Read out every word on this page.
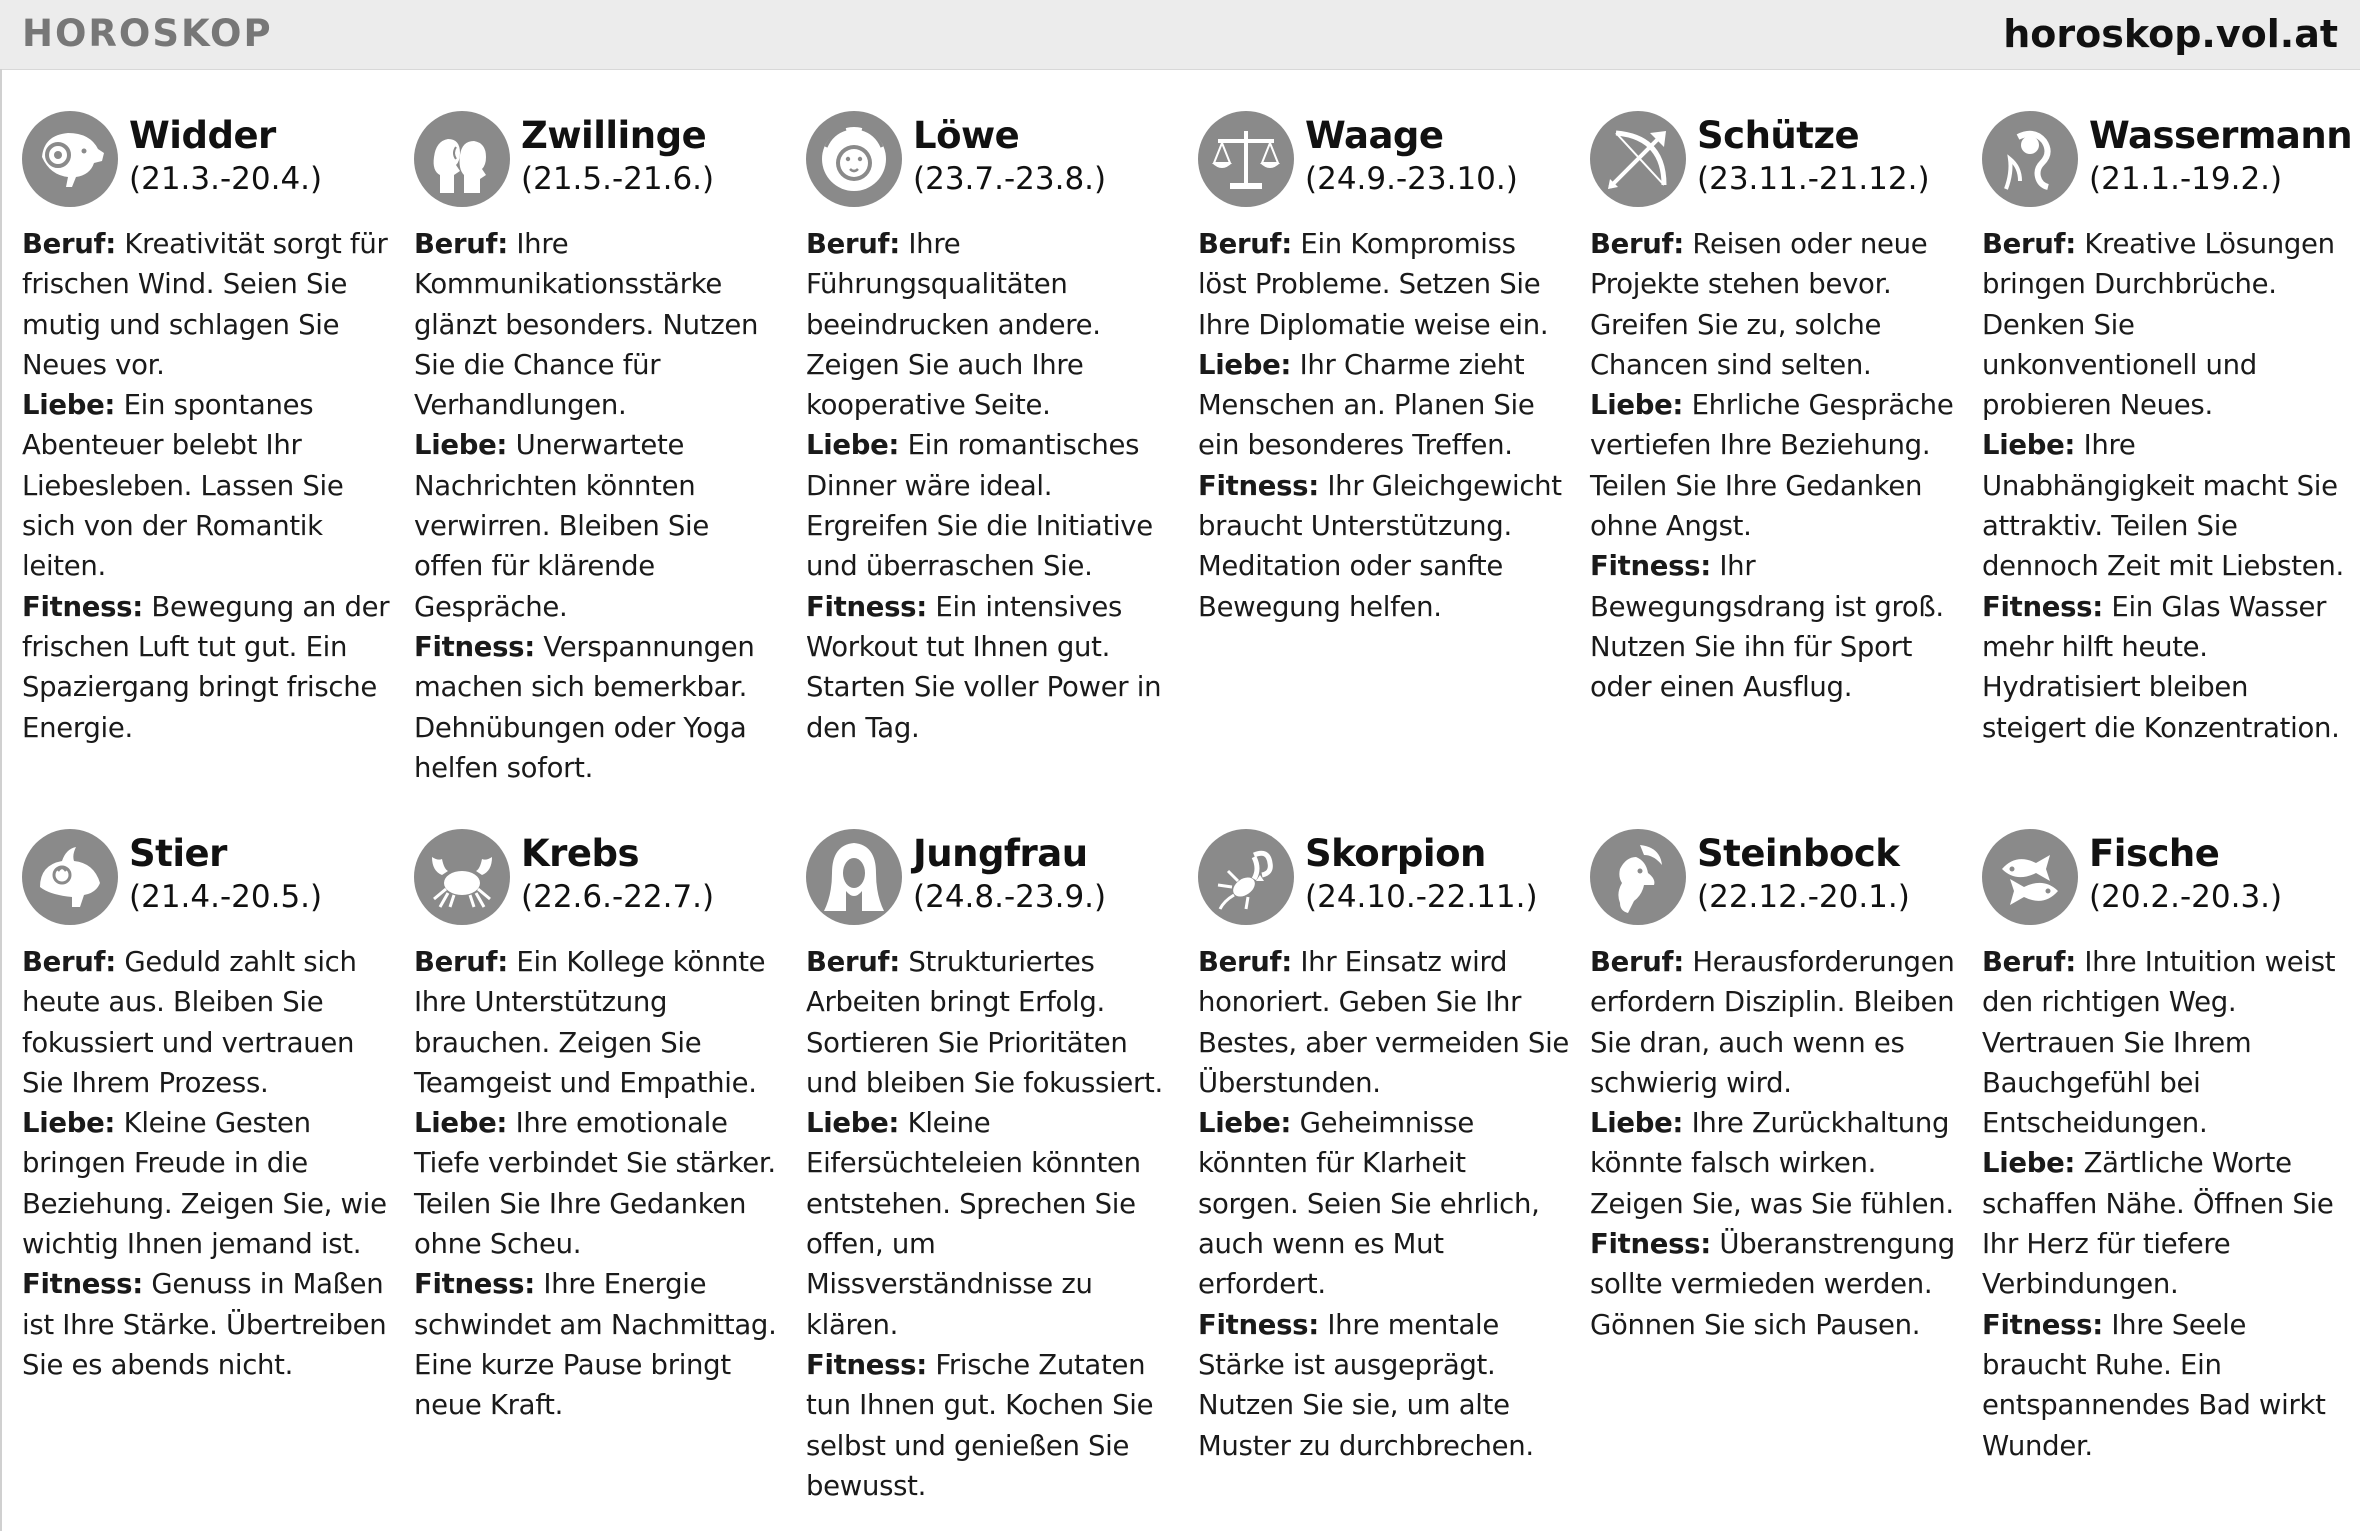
HOROSKOP	horoskop.vol.at
Widder
(21.3.-20.4.)
Beruf: Kreativität sorgt für frischen Wind. Seien Sie mutig und schlagen Sie Neues vor.
Liebe: Ein spontanes Abenteuer belebt Ihr Liebesleben. Lassen Sie sich von der Romantik leiten.
Fitness: Bewegung an der frischen Luft tut gut. Ein Spaziergang bringt frische Energie.
Zwillinge
(21.5.-21.6.)
Beruf: Ihre Kommunikationsstärke glänzt besonders. Nutzen Sie die Chance für Verhandlungen.
Liebe: Unerwartete Nachrichten könnten verwirren. Bleiben Sie offen für klärende Gespräche.
Fitness: Verspannungen machen sich bemerkbar. Dehnübungen oder Yoga helfen sofort.
Löwe
(23.7.-23.8.)
Beruf: Ihre Führungsqualitäten beeindrucken andere. Zeigen Sie auch Ihre kooperative Seite.
Liebe: Ein romantisches Dinner wäre ideal. Ergreifen Sie die Initiative und überraschen Sie.
Fitness: Ein intensives Workout tut Ihnen gut. Starten Sie voller Power in den Tag.
Waage
(24.9.-23.10.)
Beruf: Ein Kompromiss löst Probleme. Setzen Sie Ihre Diplomatie weise ein.
Liebe: Ihr Charme zieht Menschen an. Planen Sie ein besonderes Treffen.
Fitness: Ihr Gleichgewicht braucht Unterstützung. Meditation oder sanfte Bewegung helfen.
Schütze
(23.11.-21.12.)
Beruf: Reisen oder neue Projekte stehen bevor. Greifen Sie zu, solche Chancen sind selten.
Liebe: Ehrliche Gespräche vertiefen Ihre Beziehung. Teilen Sie Ihre Gedanken ohne Angst.
Fitness: Ihr Bewegungsdrang ist groß. Nutzen Sie ihn für Sport oder einen Ausflug.
Wassermann
(21.1.-19.2.)
Beruf: Kreative Lösungen bringen Durchbrüche. Denken Sie unkonventionell und probieren Neues.
Liebe: Ihre Unabhängigkeit macht Sie attraktiv. Teilen Sie dennoch Zeit mit Liebsten.
Fitness: Ein Glas Wasser mehr hilft heute. Hydratisiert bleiben steigert die Konzentration.
Stier
(21.4.-20.5.)
Beruf: Geduld zahlt sich heute aus. Bleiben Sie fokussiert und vertrauen Sie Ihrem Prozess.
Liebe: Kleine Gesten bringen Freude in die Beziehung. Zeigen Sie, wie wichtig Ihnen jemand ist.
Fitness: Genuss in Maßen ist Ihre Stärke. Übertreiben Sie es abends nicht.
Krebs
(22.6.-22.7.)
Beruf: Ein Kollege könnte Ihre Unterstützung brauchen. Zeigen Sie Teamgeist und Empathie.
Liebe: Ihre emotionale Tiefe verbindet Sie stärker. Teilen Sie Ihre Gedanken ohne Scheu.
Fitness: Ihre Energie schwindet am Nachmittag. Eine kurze Pause bringt neue Kraft.
Jungfrau
(24.8.-23.9.)
Beruf: Strukturiertes Arbeiten bringt Erfolg. Sortieren Sie Prioritäten und bleiben Sie fokussiert.
Liebe: Kleine Eifersüchteleien könnten entstehen. Sprechen Sie offen, um Missverständnisse zu klären.
Fitness: Frische Zutaten tun Ihnen gut. Kochen Sie selbst und genießen Sie bewusst.
Skorpion
(24.10.-22.11.)
Beruf: Ihr Einsatz wird honoriert. Geben Sie Ihr Bestes, aber vermeiden Sie Überstunden.
Liebe: Geheimnisse könnten für Klarheit sorgen. Seien Sie ehrlich, auch wenn es Mut erfordert.
Fitness: Ihre mentale Stärke ist ausgeprägt. Nutzen Sie sie, um alte Muster zu durchbrechen.
Steinbock
(22.12.-20.1.)
Beruf: Herausforderungen erfordern Disziplin. Bleiben Sie dran, auch wenn es schwierig wird.
Liebe: Ihre Zurückhaltung könnte falsch wirken. Zeigen Sie, was Sie fühlen.
Fitness: Überanstrengung sollte vermieden werden. Gönnen Sie sich Pausen.
Fische
(20.2.-20.3.)
Beruf: Ihre Intuition weist den richtigen Weg. Vertrauen Sie Ihrem Bauchgefühl bei Entscheidungen.
Liebe: Zärtliche Worte schaffen Nähe. Öffnen Sie Ihr Herz für tiefere Verbindungen.
Fitness: Ihre Seele braucht Ruhe. Ein entspannendes Bad wirkt Wunder.
